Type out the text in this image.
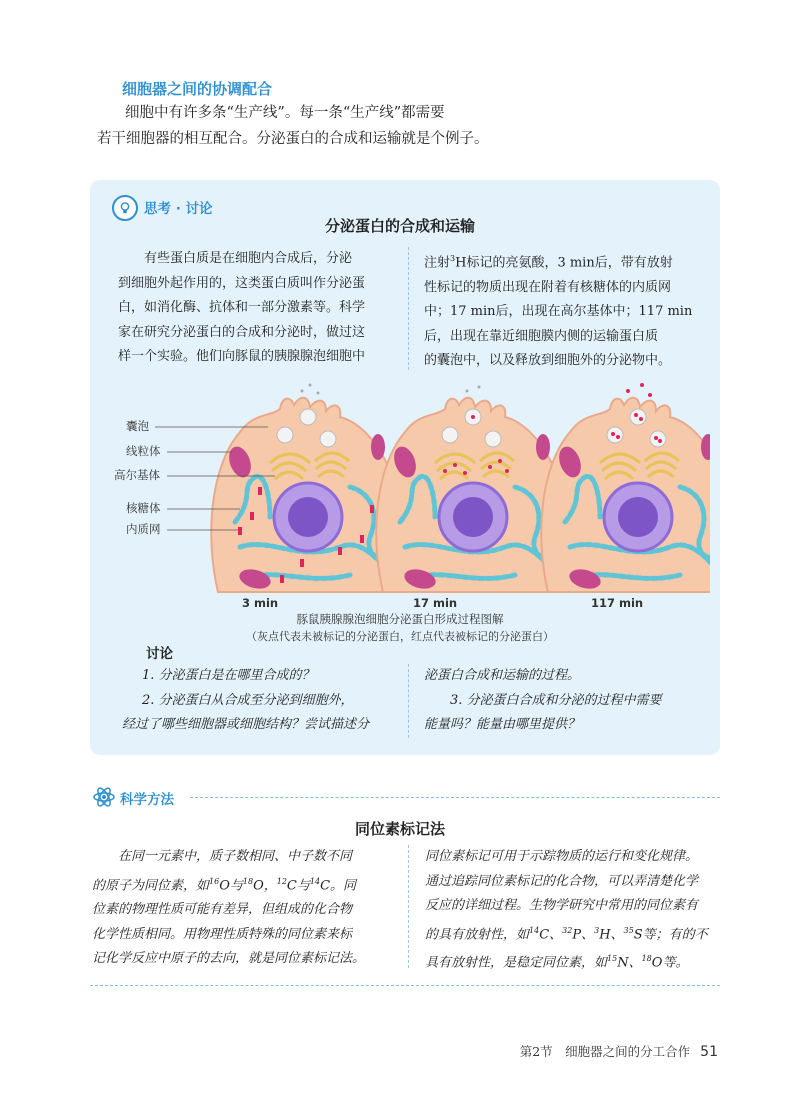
细胞器之间的协调配合

细胞中有许多条“生产线”。每一条“生产线”都需要

若干细胞器的相互配合。分泌蛋白的合成和运输就是个例子。

思考 · 讨论
分泌蛋白的合成和运输

有些蛋白质是在细胞内合成后，分泌

到细胞外起作用的，这类蛋白质叫作分泌蛋

白，如消化酶、抗体和一部分激素等。科学

家在研究分泌蛋白的合成和分泌时，做过这

样一个实验。他们向豚鼠的胰腺腺泡细胞中

注射$^3$H标记的亮氨酸，3 min后，带有放射

性标记的物质出现在附着有核糖体的内质网

中；17 min后，出现在高尔基体中；117 min

后，出现在靠近细胞膜内侧的运输蛋白质

的囊泡中，以及释放到细胞外的分泌物中。

囊泡
线粒体
高尔基体
核糖体
内质网
3 min	17 min	117 min
豚鼠胰腺腺泡细胞分泌蛋白形成过程图解
（灰点代表未被标记的分泌蛋白，红点代表被标记的分泌蛋白）
讨论

1. 分泌蛋白是在哪里合成的？

2. 分泌蛋白从合成至分泌到细胞外，

经过了哪些细胞器或细胞结构？尝试描述分

泌蛋白合成和运输的过程。

3. 分泌蛋白合成和分泌的过程中需要

能量吗？能量由哪里提供？

科学方法
同位素标记法

在同一元素中，质子数相同、中子数不同

的原子为同位素，如$^{16}$O与$^{18}$O，$^{12}$C与$^{14}$C。同

位素的物理性质可能有差异，但组成的化合物

化学性质相同。用物理性质特殊的同位素来标

记化学反应中原子的去向，就是同位素标记法。

同位素标记可用于示踪物质的运行和变化规律。

通过追踪同位素标记的化合物，可以弄清楚化学

反应的详细过程。生物学研究中常用的同位素有

的具有放射性，如$^{14}$C、$^{32}$P、$^3$H、$^{35}$S等；有的不

具有放射性，是稳定同位素，如$^{15}$N、$^{18}$O等。

第2节　细胞器之间的分工合作 51
